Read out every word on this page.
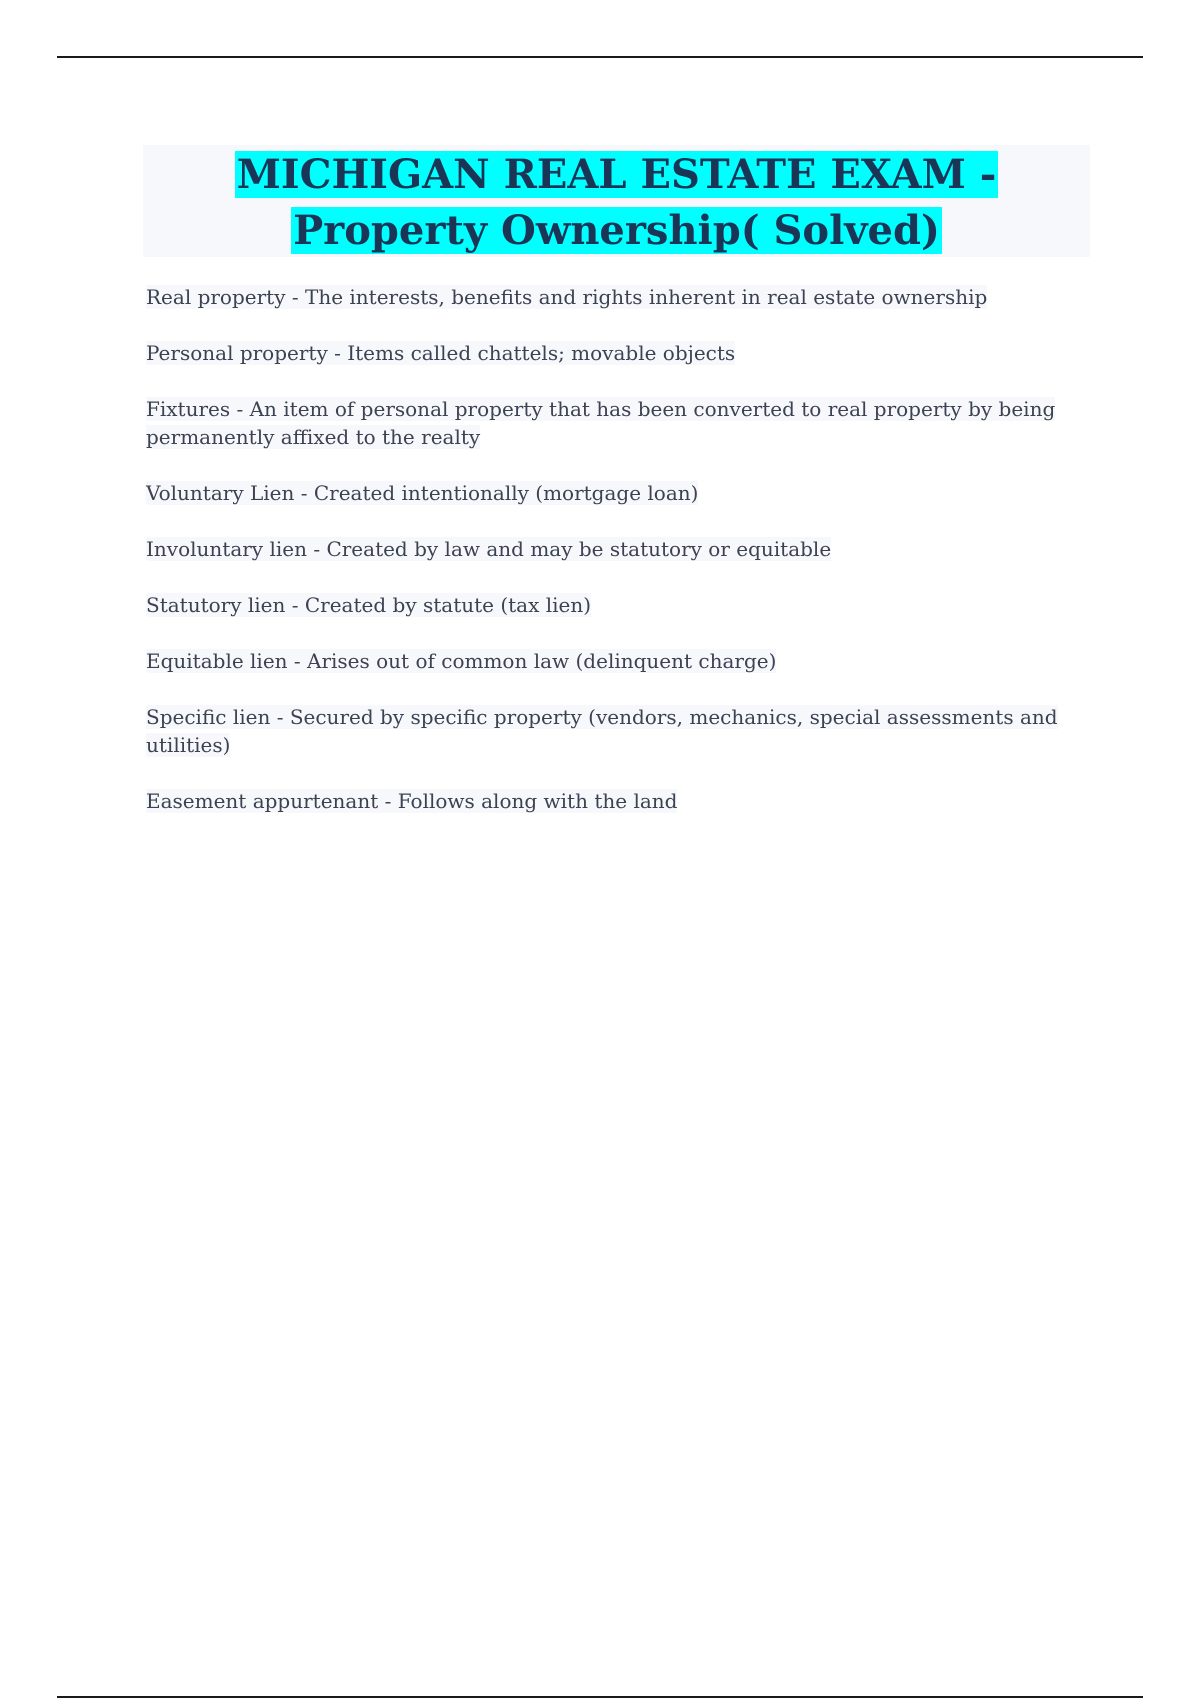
MICHIGAN REAL ESTATE EXAM - Property Ownership( Solved)
Real property - The interests, benefits and rights inherent in real estate ownership
Personal property - Items called chattels; movable objects
Fixtures - An item of personal property that has been converted to real property by being permanently affixed to the realty
Voluntary Lien - Created intentionally (mortgage loan)
Involuntary lien - Created by law and may be statutory or equitable
Statutory lien - Created by statute (tax lien)
Equitable lien - Arises out of common law (delinquent charge)
Specific lien - Secured by specific property (vendors, mechanics, special assessments and utilities)
Easement appurtenant - Follows along with the land
